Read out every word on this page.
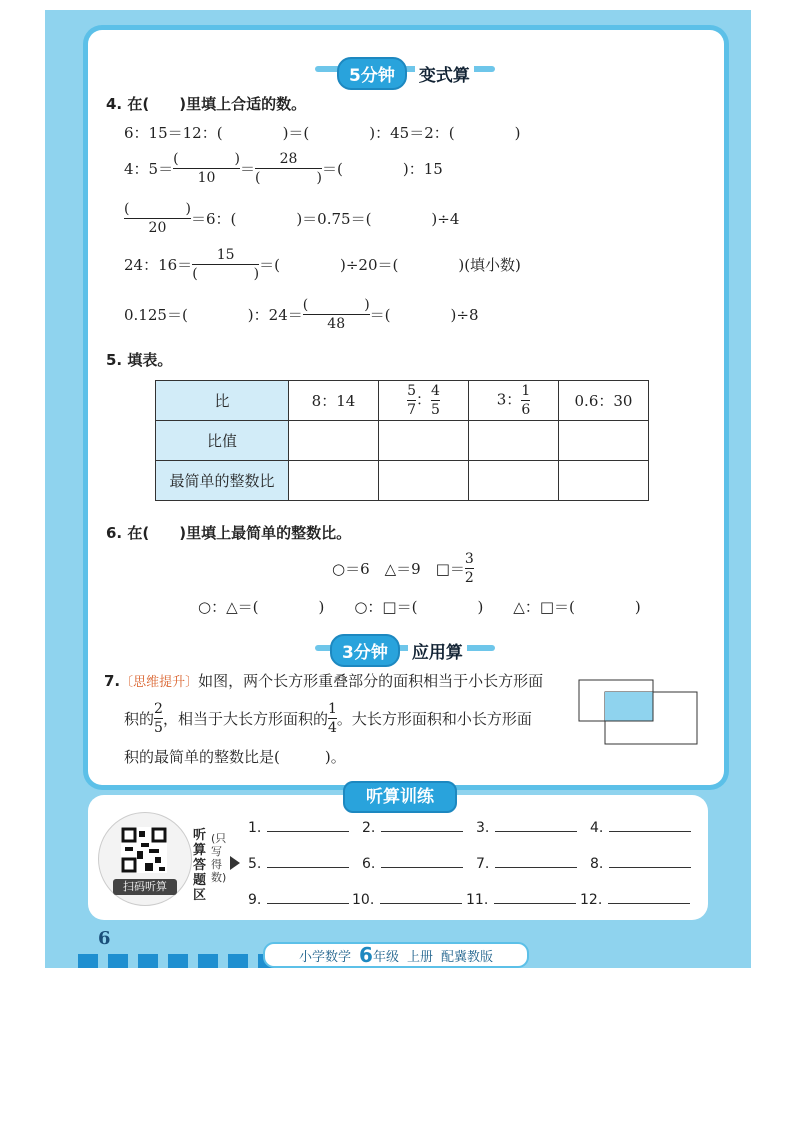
5分钟	变式算
4. 在(　　)里填上合适的数。
6：15＝12：(　　　　)＝(　　　　)：45＝2：(　　　　)
4：$5= \frac{( )}{10} = \frac{28}{( )}$ ＝(　　　　)：15
$\frac{( )}{20} =6$：(　　　　)＝0.75＝(　　　　)÷4
24：$16= \frac{15}{( )}$ ＝(　　　　)÷20＝(　　　　)(填小数)
0.125＝(　　　　)：$24= \frac{( )}{48}$ ＝(　　　　)÷8
5. 填表。
比	8：14	$\frac{5}{7}$ ： $\frac{4}{5}$	3： $\frac{1}{6}$	0.6：30
比值				
最简单的整数比				
6. 在(　　)里填上最简单的整数比。
○＝6　△＝9　□＝ $\frac{3}{2}$
○：△＝(　　　　)　　○：□＝(　　　　)　　△：□＝(　　　　)
3分钟	应用算
7.〔思维提升〕如图，两个长方形重叠部分的面积相当于小长方形面
积的 $\frac{2}{5}$ ，相当于大长方形面积的 $\frac{1}{4}$ 。大长方形面积和小长方形面
积的最简单的整数比是(　　　)。
听算训练
扫码听算
听算答题区
(只写得数)
1.	2.	3.	4.
5.	6.	7.	8.
9.	10.	11.	12.
6
小学数学 6 年级 上册 配冀教版
